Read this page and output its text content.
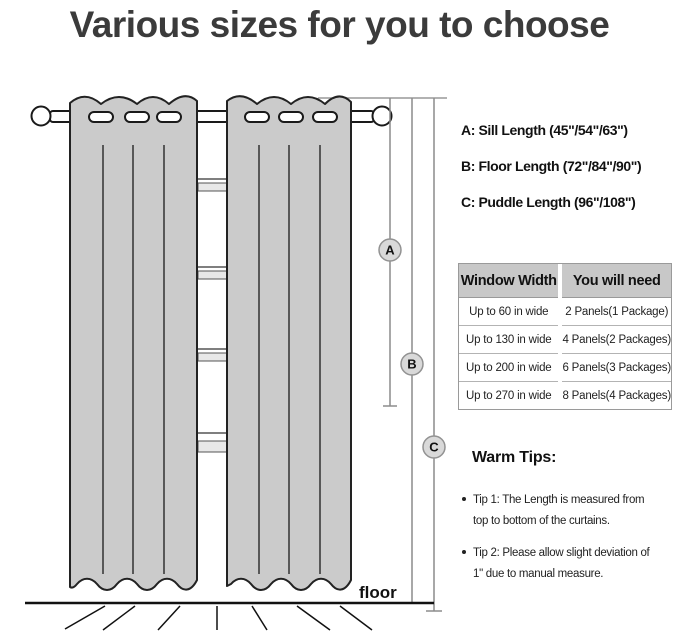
Various sizes for you to choose
A
B
C
floor

A: Sill Length (45"/54"/63")

B: Floor Length (72"/84"/90")

C: Puddle Length (96"/108")

Window Width	You will need
Up to 60 in wide	2 Panels(1 Package)
Up to 130 in wide 4 Panels(2 Packages)
Up to 200 in wide 6 Panels(3 Packages)
Up to 270 in wide 8 Panels(4 Packages)
Warm Tips:
Tip 1: The Length is measured from
top to bottom of the curtains.
Tip 2: Please allow slight deviation of
1" due to manual measure.
